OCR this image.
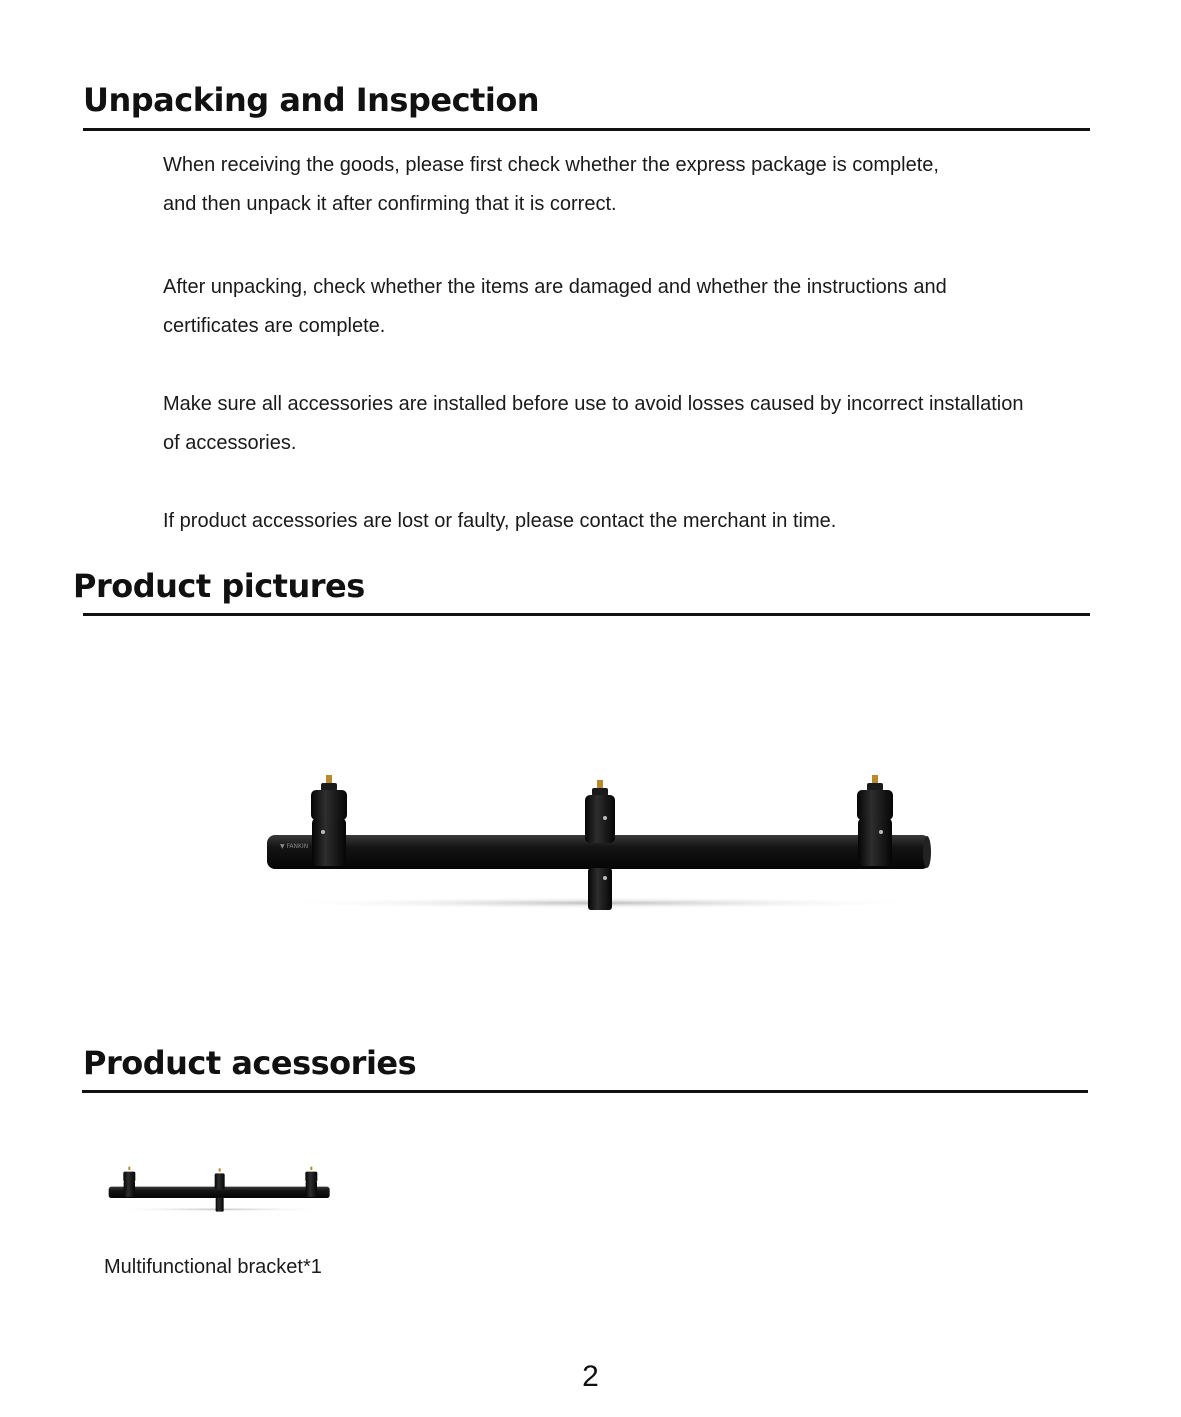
Unpacking and Inspection
When receiving the goods, please first check whether the express package is complete,
and then unpack it after confirming that it is correct.
After unpacking, check whether the items are damaged and whether the instructions and
certificates are complete.
Make sure all accessories are installed before use to avoid losses caused by incorrect installation
of accessories.
If product accessories are lost or faulty, please contact the merchant in time.
Product pictures
▼ FANKIN
Product acessories
Multifunctional bracket*1
2
